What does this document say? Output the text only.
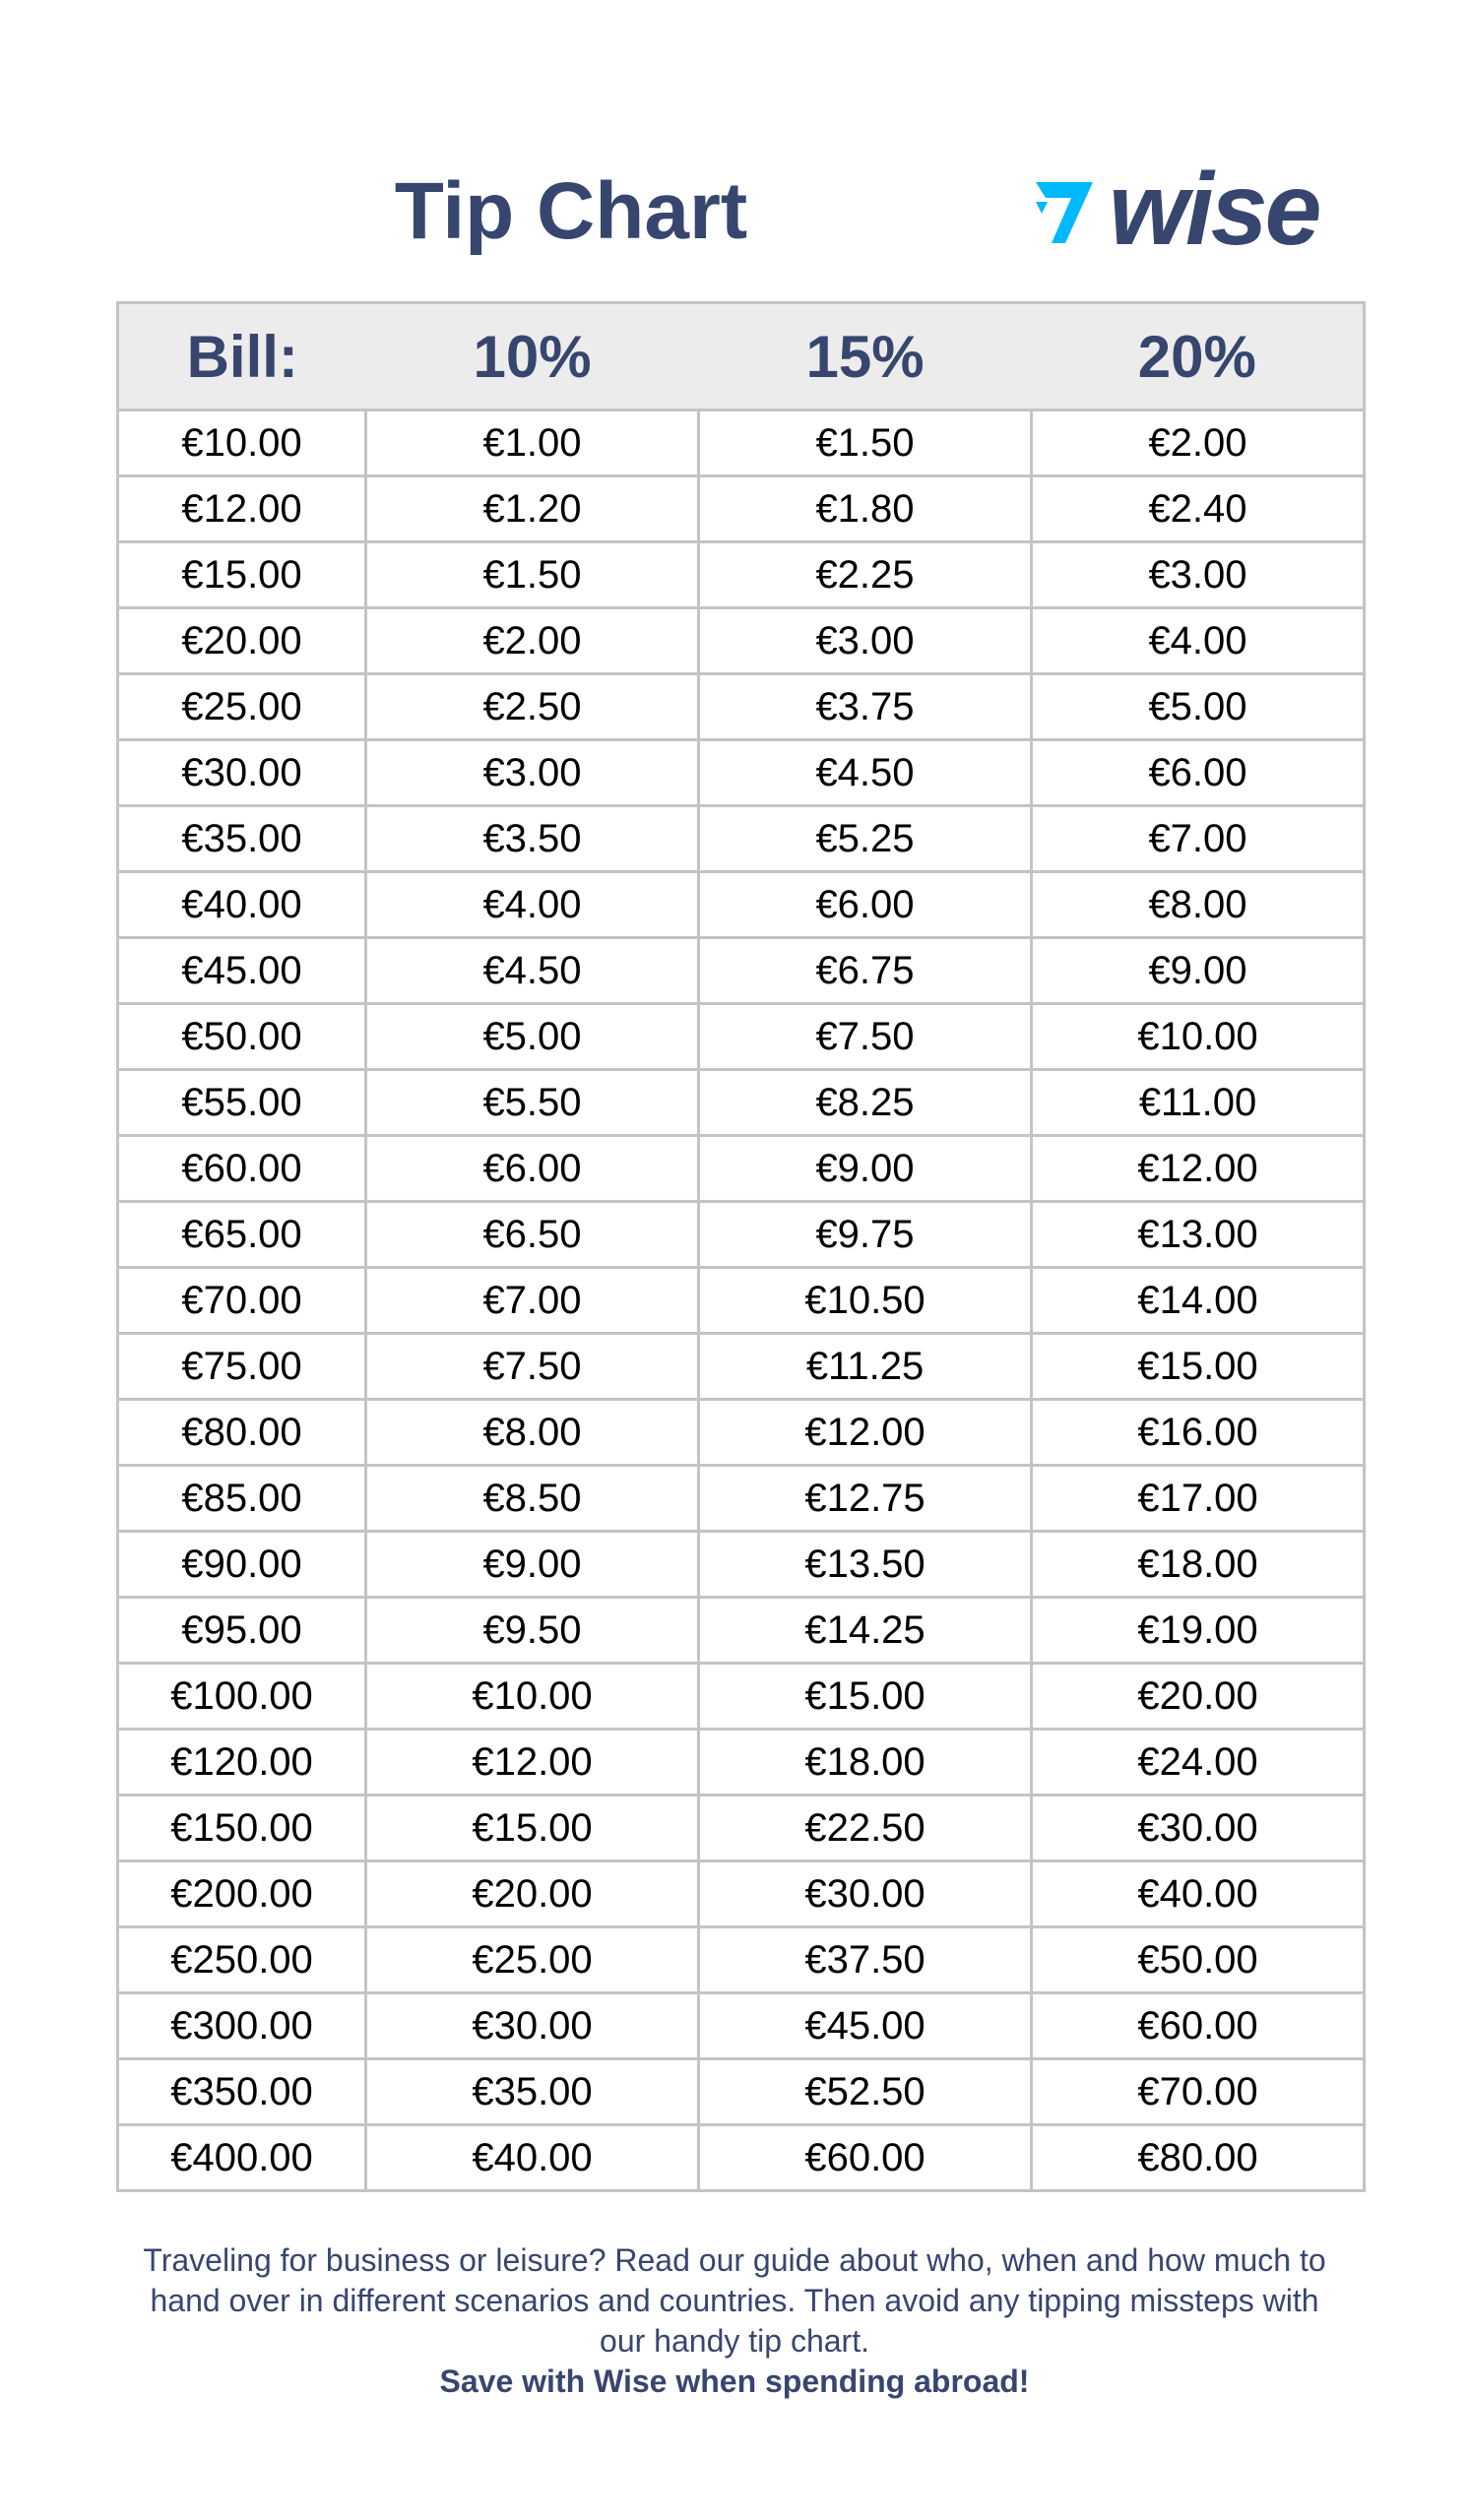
Tip Chart	wise
Bill:	10%	15%	20%
€10.00	€1.00	€1.50	€2.00
€12.00	€1.20	€1.80	€2.40
€15.00	€1.50	€2.25	€3.00
€20.00	€2.00	€3.00	€4.00
€25.00	€2.50	€3.75	€5.00
€30.00	€3.00	€4.50	€6.00
€35.00	€3.50	€5.25	€7.00
€40.00	€4.00	€6.00	€8.00
€45.00	€4.50	€6.75	€9.00
€50.00	€5.00	€7.50	€10.00
€55.00	€5.50	€8.25	€11.00
€60.00	€6.00	€9.00	€12.00
€65.00	€6.50	€9.75	€13.00
€70.00	€7.00	€10.50	€14.00
€75.00	€7.50	€11.25	€15.00
€80.00	€8.00	€12.00	€16.00
€85.00	€8.50	€12.75	€17.00
€90.00	€9.00	€13.50	€18.00
€95.00	€9.50	€14.25	€19.00
€100.00	€10.00	€15.00	€20.00
€120.00	€12.00	€18.00	€24.00
€150.00	€15.00	€22.50	€30.00
€200.00	€20.00	€30.00	€40.00
€250.00	€25.00	€37.50	€50.00
€300.00	€30.00	€45.00	€60.00
€350.00	€35.00	€52.50	€70.00
€400.00	€40.00	€60.00	€80.00

Traveling for business or leisure? Read our guide about who, when and how much to hand over in different scenarios and countries. Then avoid any tipping missteps with our handy tip chart.

Save with Wise when spending abroad!
